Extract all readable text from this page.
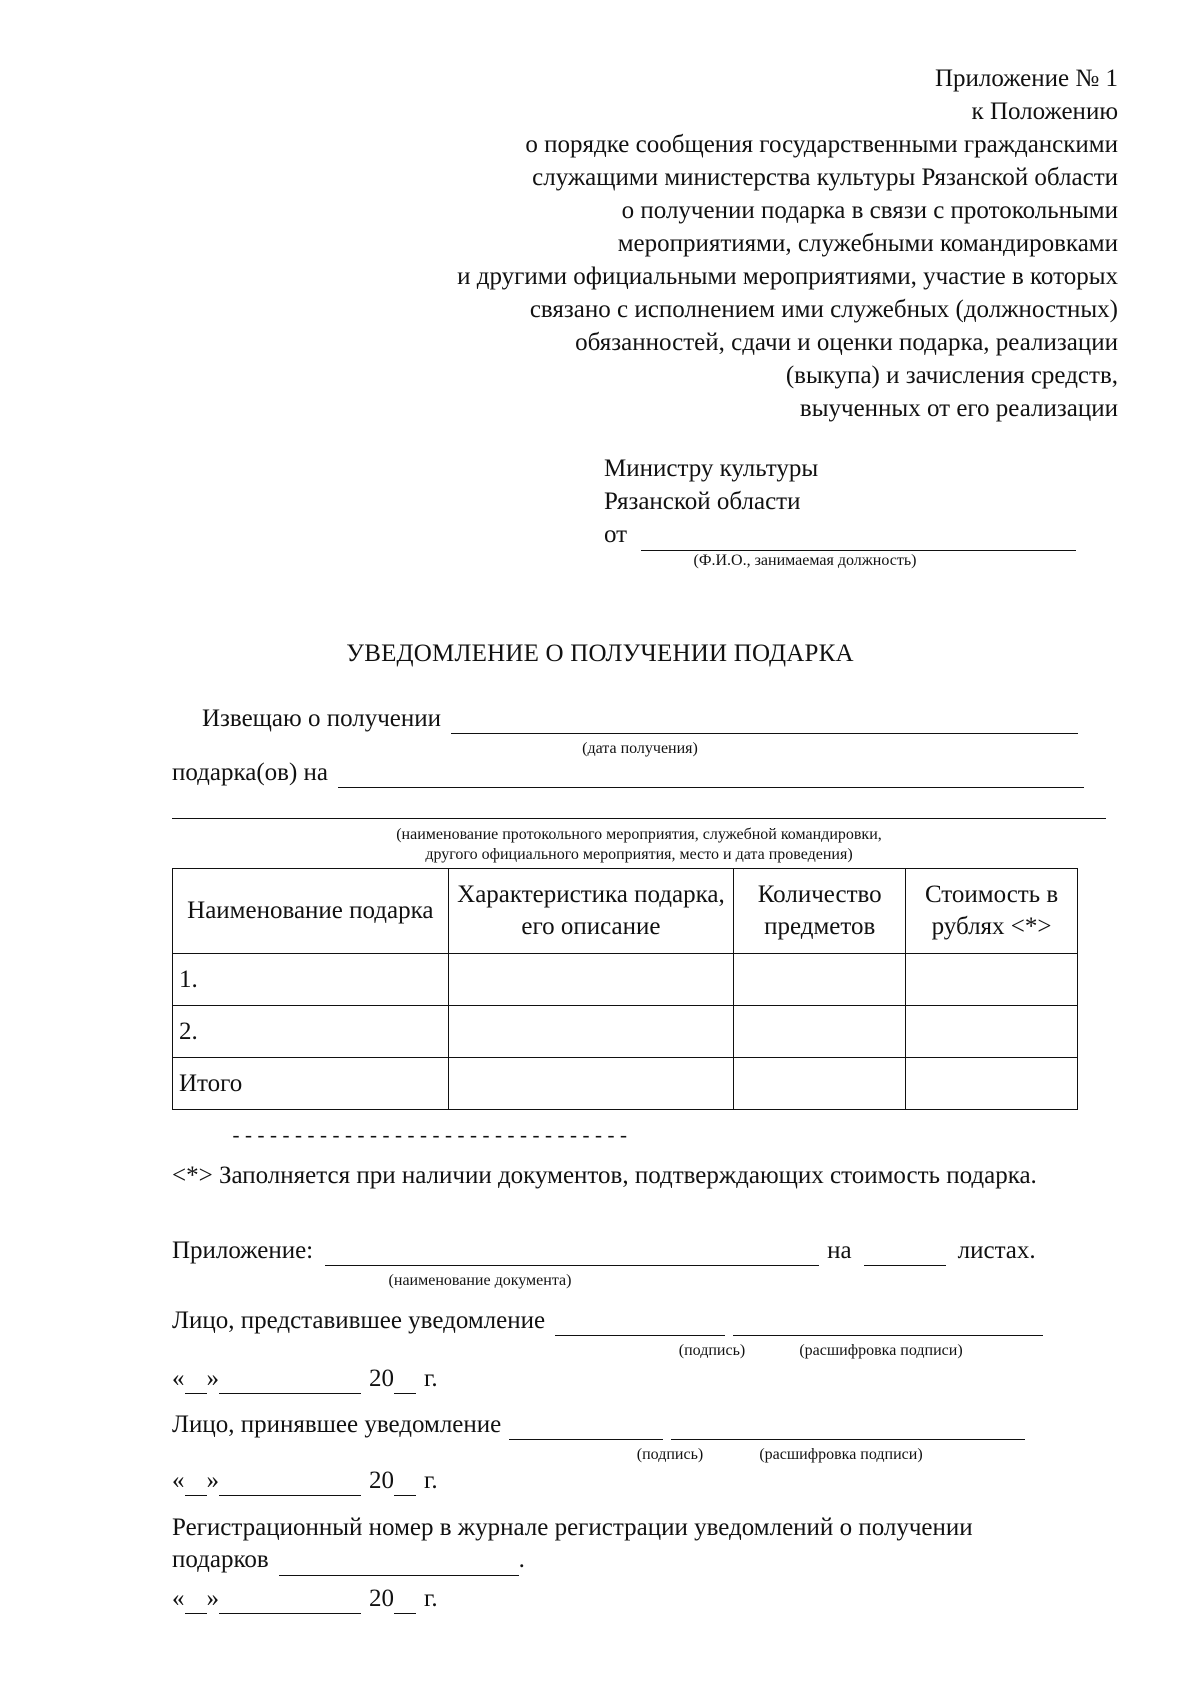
Приложение № 1
к Положению
о порядке сообщения государственными гражданскими
служащими министерства культуры Рязанской области
о получении подарка в связи с протокольными
мероприятиями, служебными командировками
и другими официальными мероприятиями, участие в которых
связано с исполнением ими служебных (должностных)
обязанностей, сдачи и оценки подарка, реализации
(выкупа) и зачисления средств,
выученных от его реализации
Министру культуры
Рязанской области
от
(Ф.И.О., занимаемая должность)
УВЕДОМЛЕНИЕ О ПОЛУЧЕНИИ ПОДАРКА
Извещаю о получении
(дата получения)
подарка(ов) на
(наименование протокольного мероприятия, служебной командировки,
другого официального мероприятия, место и дата проведения)
Наименование подарка	Характеристика подарка, его описание	Количество предметов	Стоимость в рублях <*>
1.			
2.			
Итого			
--------------------------------
<*> Заполняется при наличии документов, подтверждающих стоимость подарка.
Приложение:	на	листах.
(наименование документа)
Лицо, представившее уведомление
(подпись)	(расшифровка подписи)
« »	20 г.
Лицо, принявшее уведомление
(подпись)	(расшифровка подписи)
« »	20 г.
Регистрационный номер в журнале регистрации уведомлений о получении
подарков	.
« »	20 г.
